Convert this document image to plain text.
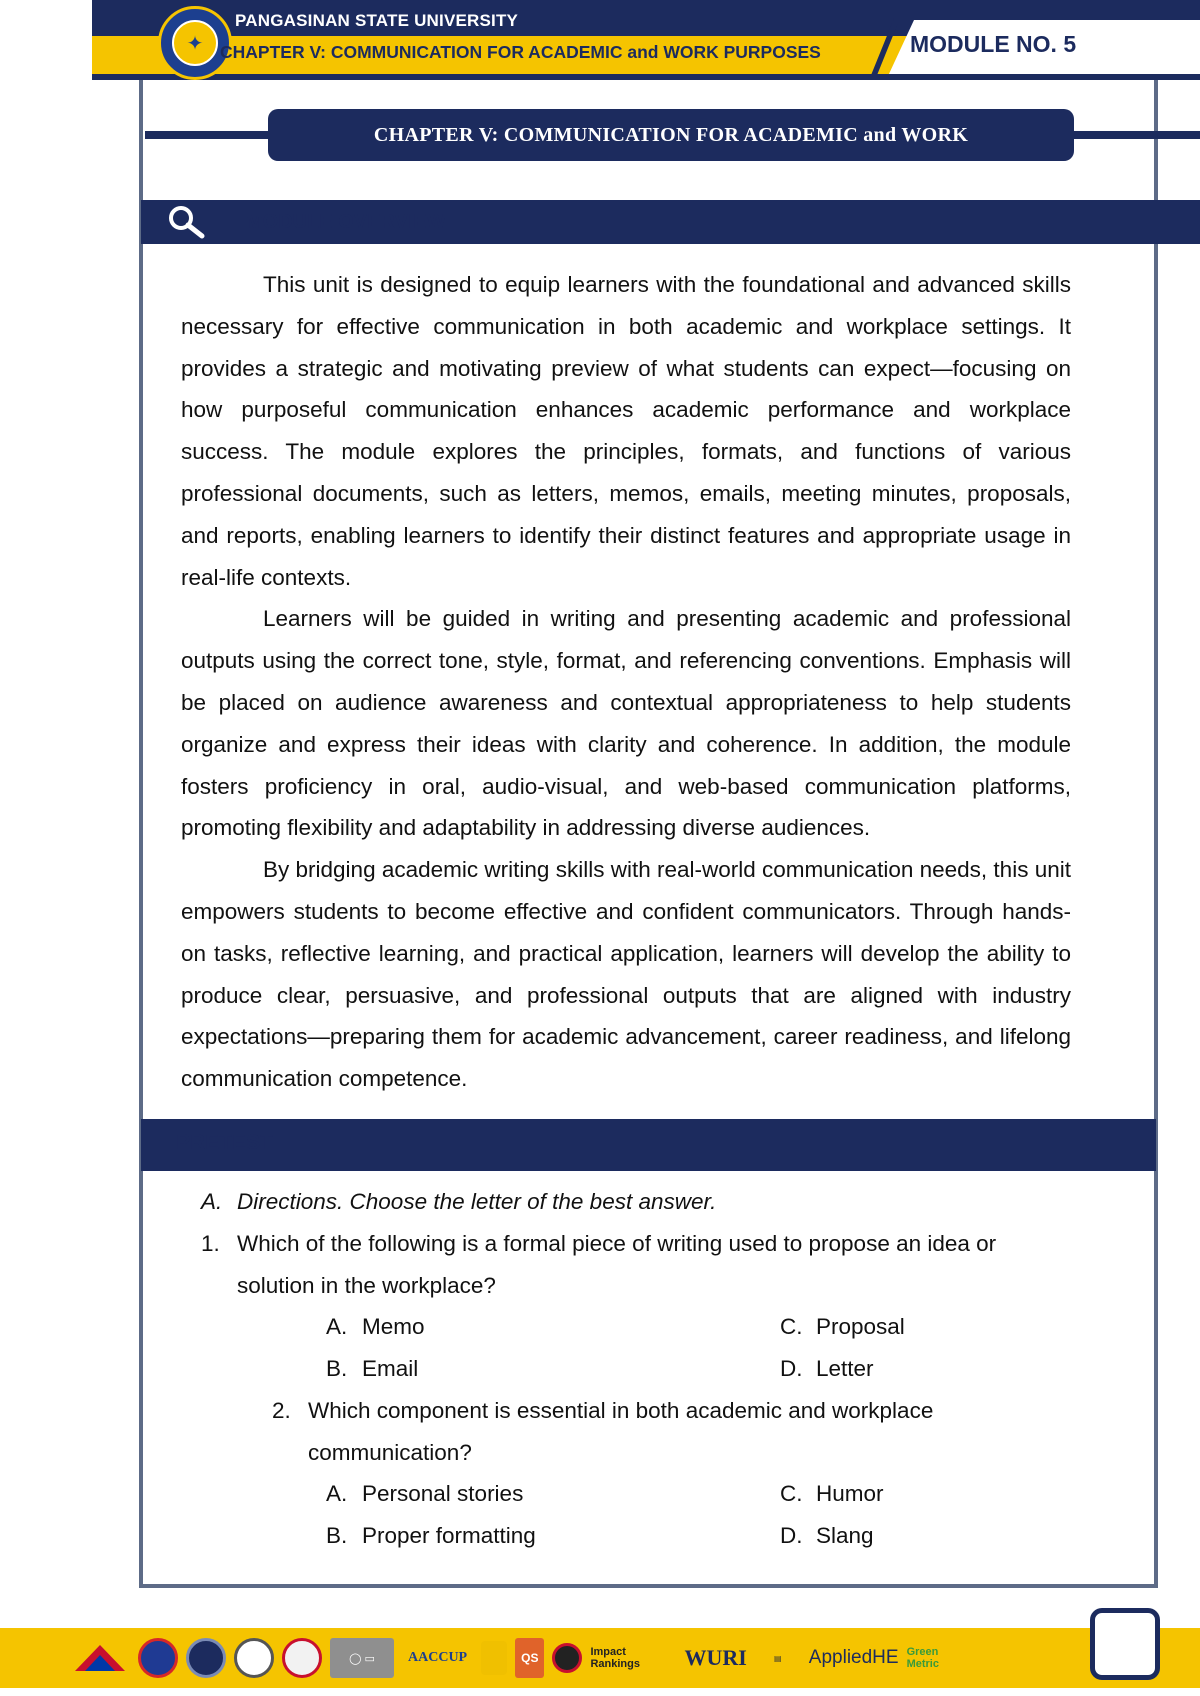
✦
PANGASINAN STATE UNIVERSITY
CHAPTER V: COMMUNICATION FOR ACADEMIC and WORK PURPOSES	MODULE NO. 5
CHAPTER V: COMMUNICATION FOR ACADEMIC and WORK
MODULE OVERVIEW

This unit is designed to equip learners with the foundational and advanced skills necessary for effective communication in both academic and workplace settings. It provides a strategic and motivating preview of what students can expect—focusing on how purposeful communication enhances academic performance and workplace success. The module explores the principles, formats, and functions of various professional documents, such as letters, memos, emails, meeting minutes, proposals, and reports, enabling learners to identify their distinct features and appropriate usage in real-life contexts.

Learners will be guided in writing and presenting academic and professional outputs using the correct tone, style, format, and referencing conventions. Emphasis will be placed on audience awareness and contextual appropriateness to help students organize and express their ideas with clarity and coherence. In addition, the module fosters proficiency in oral, audio-visual, and web-based communication platforms, promoting flexibility and adaptability in addressing diverse audiences.

By bridging academic writing skills with real-world communication needs, this unit empowers students to become effective and confident communicators. Through hands-on tasks, reflective learning, and practical application, learners will develop the ability to produce clear, persuasive, and professional outputs that are aligned with industry expectations—preparing them for academic advancement, career readiness, and lifelong communication competence.

PRETEST
A. Directions. Choose the letter of the best answer.
1. Which of the following is a formal piece of writing used to propose an idea or
solution in the workplace?
A. Memo	C. Proposal
B. Email	D. Letter
2. Which component is essential in both academic and workplace
communication?
A. Personal stories	C. Humor
B. Proper formatting	D. Slang
◯ ▭	AACCUP	QS	Impact Rankings	WURI	▤	AppliedHE Green Metric
